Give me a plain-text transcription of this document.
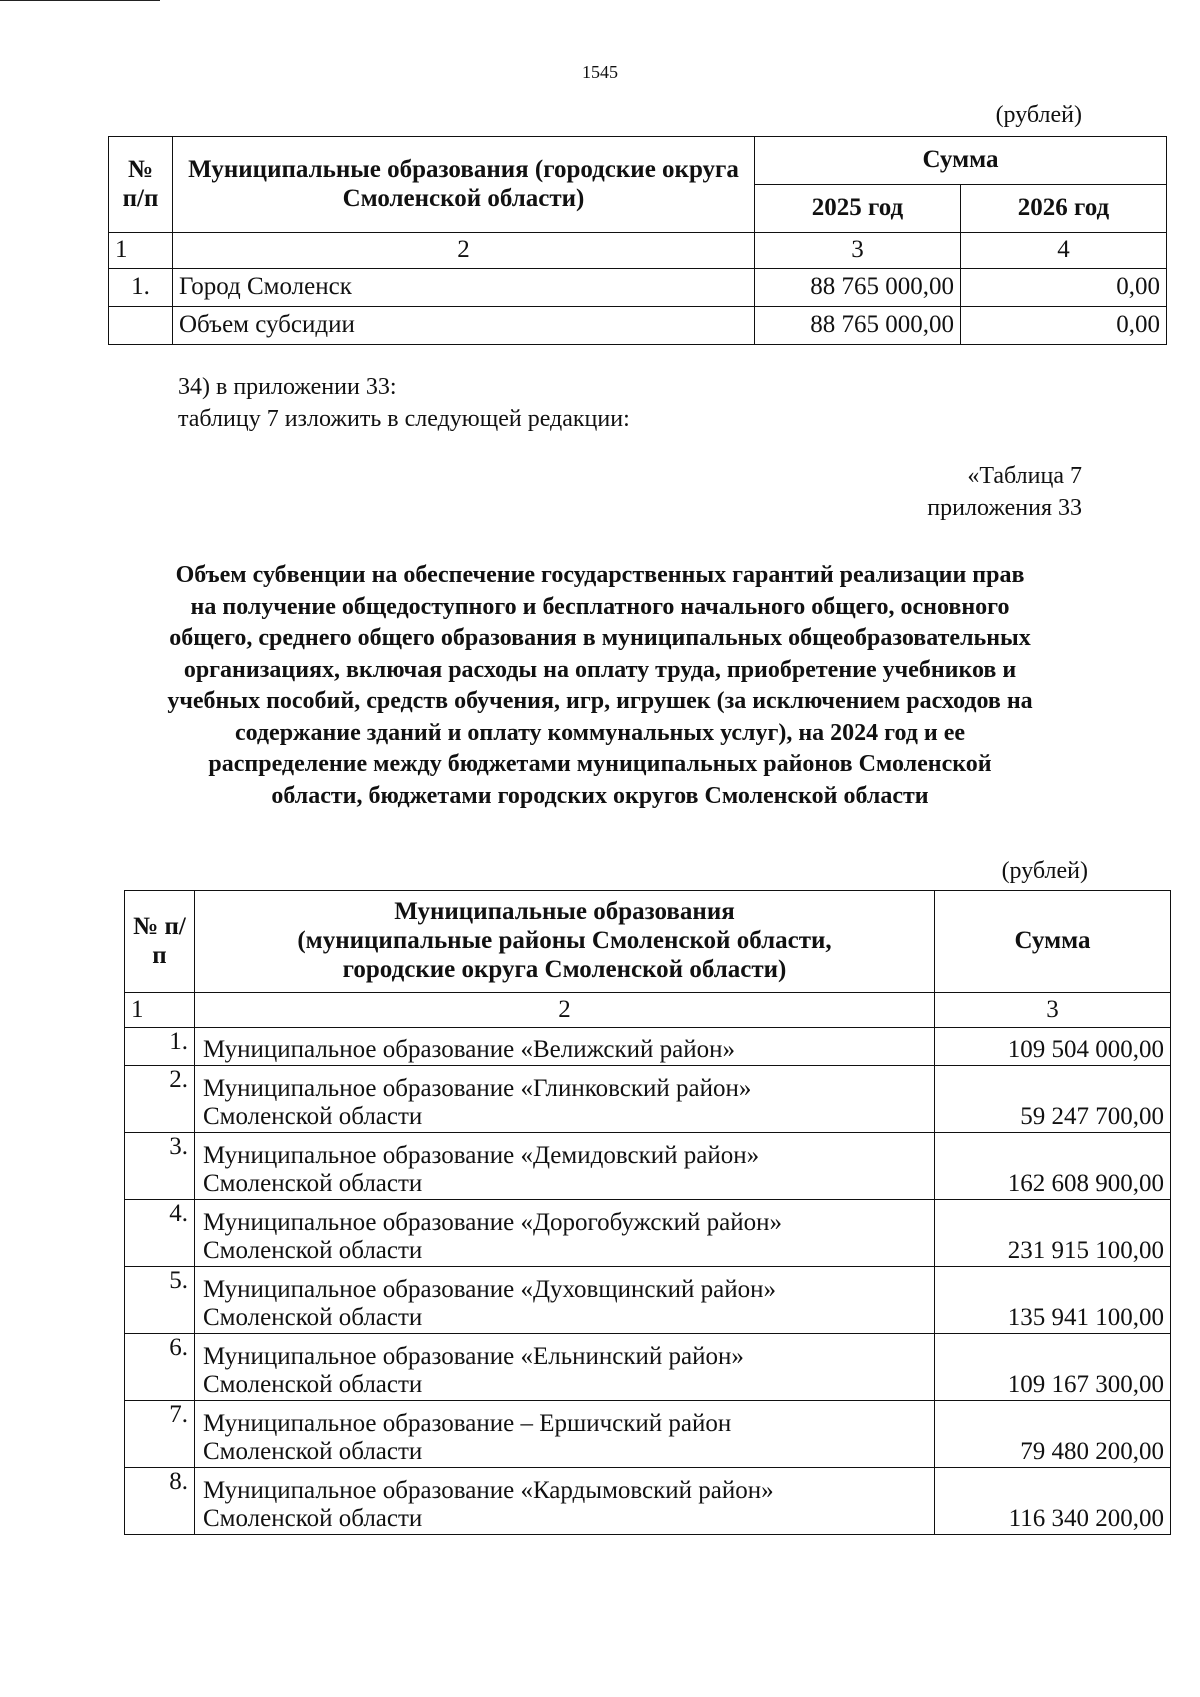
1545
(рублей)
№ п/п	Муниципальные образования (городские округа Смоленской области)	Сумма	
		2025 год	2026 год
1	2	3	4
1.	Город Смоленск	88 765 000,00	0,00
	Объем субсидии	88 765 000,00	0,00
34) в приложении 33:
таблицу 7 изложить в следующей редакции:
«Таблица 7
приложения 33
Объем субвенции на обеспечение государственных гарантий реализации прав
на получение общедоступного и бесплатного начального общего, основного
общего, среднего общего образования в муниципальных общеобразовательных
организациях, включая расходы на оплату труда, приобретение учебников и
учебных пособий, средств обучения, игр, игрушек (за исключением расходов на
содержание зданий и оплату коммунальных услуг), на 2024 год и ее
распределение между бюджетами муниципальных районов Смоленской
области, бюджетами городских округов Смоленской области
(рублей)
№ п/п	Муниципальные образования
(муниципальные районы Смоленской области,
городские округа Смоленской области)	Сумма
1	2	3
1.	Муниципальное образование «Велижский район»	109 504 000,00
2.	Муниципальное образование «Глинковский район»
Смоленской области	59 247 700,00
3.	Муниципальное образование «Демидовский район»
Смоленской области	162 608 900,00
4.	Муниципальное образование «Дорогобужский район»
Смоленской области	231 915 100,00
5.	Муниципальное образование «Духовщинский район»
Смоленской области	135 941 100,00
6.	Муниципальное образование «Ельнинский район»
Смоленской области	109 167 300,00
7.	Муниципальное образование – Ершичский район
Смоленской области	79 480 200,00
8.	Муниципальное образование «Кардымовский район»
Смоленской области	116 340 200,00
